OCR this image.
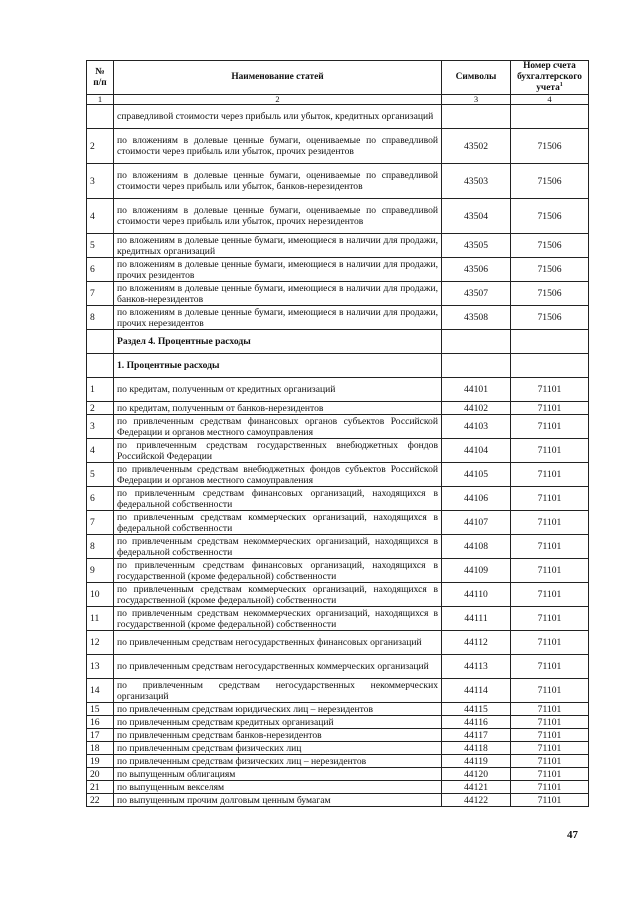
№
п/п	Наименование статей	Символы	Номер счета бухгалтерского учета$^1$
1	2	3	4
	справедливой стоимости через прибыль или убыток, кредитных организаций		
2	по вложениям в долевые ценные бумаги, оцениваемые по справедливой стоимости через прибыль или убыток, прочих резидентов	43502	71506
3	по вложениям в долевые ценные бумаги, оцениваемые по справедливой стоимости через прибыль или убыток, банков-нерезидентов	43503	71506
4	по вложениям в долевые ценные бумаги, оцениваемые по справедливой стоимости через прибыль или убыток, прочих нерезидентов	43504	71506
5	по вложениям в долевые ценные бумаги, имеющиеся в наличии для продажи, кредитных организаций	43505	71506
6	по вложениям в долевые ценные бумаги, имеющиеся в наличии для продажи, прочих резидентов	43506	71506
7	по вложениям в долевые ценные бумаги, имеющиеся в наличии для продажи, банков-нерезидентов	43507	71506
8	по вложениям в долевые ценные бумаги, имеющиеся в наличии для продажи, прочих нерезидентов	43508	71506
	Раздел 4. Процентные расходы		
	1. Процентные расходы		
1	по кредитам, полученным от кредитных организаций	44101	71101
2	по кредитам, полученным от банков-нерезидентов	44102	71101
3	по привлеченным средствам финансовых органов субъектов Российской Федерации и органов местного самоуправления	44103	71101
4	по привлеченным средствам государственных внебюджетных фондов Российской Федерации	44104	71101
5	по привлеченным средствам внебюджетных фондов субъектов Российской Федерации и органов местного самоуправления	44105	71101
6	по привлеченным средствам финансовых организаций, находящихся в федеральной собственности	44106	71101
7	по привлеченным средствам коммерческих организаций, находящихся в федеральной собственности	44107	71101
8	по привлеченным средствам некоммерческих организаций, находящихся в федеральной собственности	44108	71101
9	по привлеченным средствам финансовых организаций, находящихся в государственной (кроме федеральной) собственности	44109	71101
10	по привлеченным средствам коммерческих организаций, находящихся в государственной (кроме федеральной) собственности	44110	71101
11	по привлеченным средствам некоммерческих организаций, находящихся в государственной (кроме федеральной) собственности	44111	71101
12	по привлеченным средствам негосударственных финансовых организаций	44112	71101
13	по привлеченным средствам негосударственных коммерческих организаций	44113	71101
14	по привлеченным средствам негосударственных некоммерческих организаций	44114	71101
15	по привлеченным средствам юридических лиц – нерезидентов	44115	71101
16	по привлеченным средствам кредитных организаций	44116	71101
17	по привлеченным средствам банков-нерезидентов	44117	71101
18	по привлеченным средствам физических лиц	44118	71101
19	по привлеченным средствам физических лиц – нерезидентов	44119	71101
20	по выпущенным облигациям	44120	71101
21	по выпущенным векселям	44121	71101
22	по выпущенным прочим долговым ценным бумагам	44122	71101
47
